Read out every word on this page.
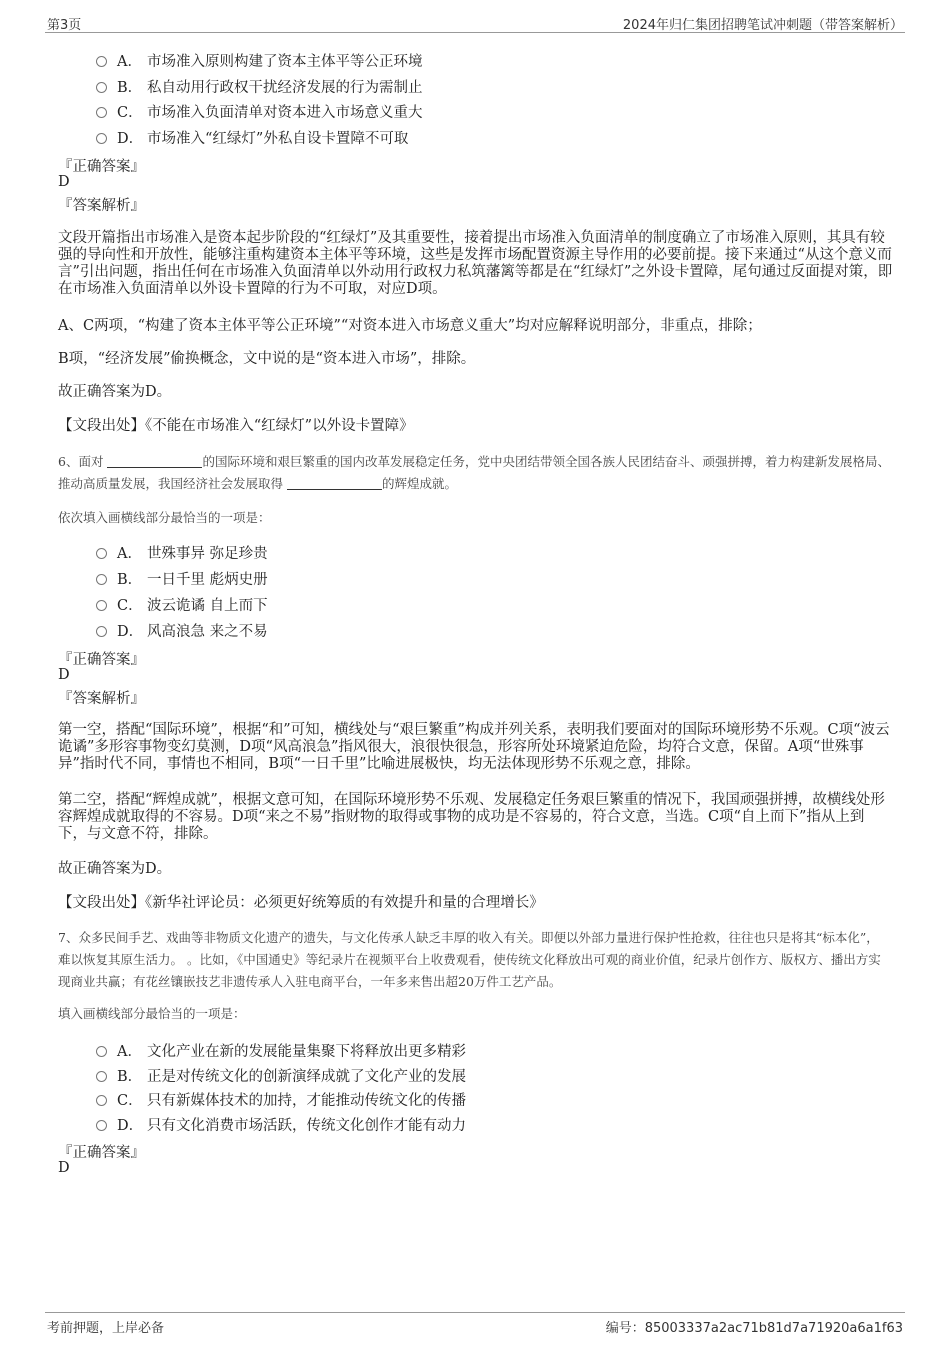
第3页	2024年归仁集团招聘笔试冲刺题（带答案解析）
A． 市场准入原则构建了资本主体平等公正环境
B． 私自动用行政权干扰经济发展的行为需制止
C． 市场准入负面清单对资本进入市场意义重大
D． 市场准入“红绿灯”外私自设卡置障不可取
『正确答案』
D
『答案解析』
文段开篇指出市场准入是资本起步阶段的“红绿灯”及其重要性，接着提出市场准入负面清单的制度确立了市场准入原则，其具有较强的导向性和开放性，能够注重构建资本主体平等环境，这些是发挥市场配置资源主导作用的必要前提。接下来通过“从这个意义而言”引出问题，指出任何在市场准入负面清单以外动用行政权力私筑藩篱等都是在“红绿灯”之外设卡置障，尾句通过反面提对策，即在市场准入负面清单以外设卡置障的行为不可取，对应D项。
A、C两项，“构建了资本主体平等公正环境”“对资本进入市场意义重大”均对应解释说明部分，非重点，排除；
B项，“经济发展”偷换概念，文中说的是“资本进入市场”，排除。
故正确答案为D。
【文段出处】《不能在市场准入“红绿灯”以外设卡置障》
6、面对	的国际环境和艰巨繁重的国内改革发展稳定任务，党中央团结带领全国各族人民团结奋斗、顽强拼搏，着力构建新发展格局、推动高质量发展，我国经济社会发展取得	的辉煌成就。
依次填入画横线部分最恰当的一项是：
A． 世殊事异 弥足珍贵
B． 一日千里 彪炳史册
C． 波云诡谲 自上而下
D． 风高浪急 来之不易
『正确答案』
D
『答案解析』
第一空，搭配“国际环境”，根据“和”可知，横线处与“艰巨繁重”构成并列关系，表明我们要面对的国际环境形势不乐观。C项“波云诡谲”多形容事物变幻莫测，D项“风高浪急”指风很大，浪很快很急，形容所处环境紧迫危险，均符合文意，保留。A项“世殊事异”指时代不同，事情也不相同，B项“一日千里”比喻进展极快，均无法体现形势不乐观之意，排除。
第二空，搭配“辉煌成就”，根据文意可知，在国际环境形势不乐观、发展稳定任务艰巨繁重的情况下，我国顽强拼搏，故横线处形容辉煌成就取得的不容易。D项“来之不易”指财物的取得或事物的成功是不容易的，符合文意，当选。C项“自上而下”指从上到下，与文意不符，排除。
故正确答案为D。
【文段出处】《新华社评论员：必须更好统筹质的有效提升和量的合理增长》
7、众多民间手艺、戏曲等非物质文化遗产的遗失，与文化传承人缺乏丰厚的收入有关。即便以外部力量进行保护性抢救，往往也只是将其“标本化”，难以恢复其原生活力。 。比如，《中国通史》等纪录片在视频平台上收费观看，使传统文化释放出可观的商业价值，纪录片创作方、版权方、播出方实现商业共赢；有花丝镶嵌技艺非遗传承人入驻电商平台，一年多来售出超20万件工艺产品。
填入画横线部分最恰当的一项是：
A． 文化产业在新的发展能量集聚下将释放出更多精彩
B． 正是对传统文化的创新演绎成就了文化产业的发展
C． 只有新媒体技术的加持，才能推动传统文化的传播
D． 只有文化消费市场活跃，传统文化创作才能有动力
『正确答案』
D
考前押题，上岸必备	编号：85003337a2ac71b81d7a71920a6a1f63
